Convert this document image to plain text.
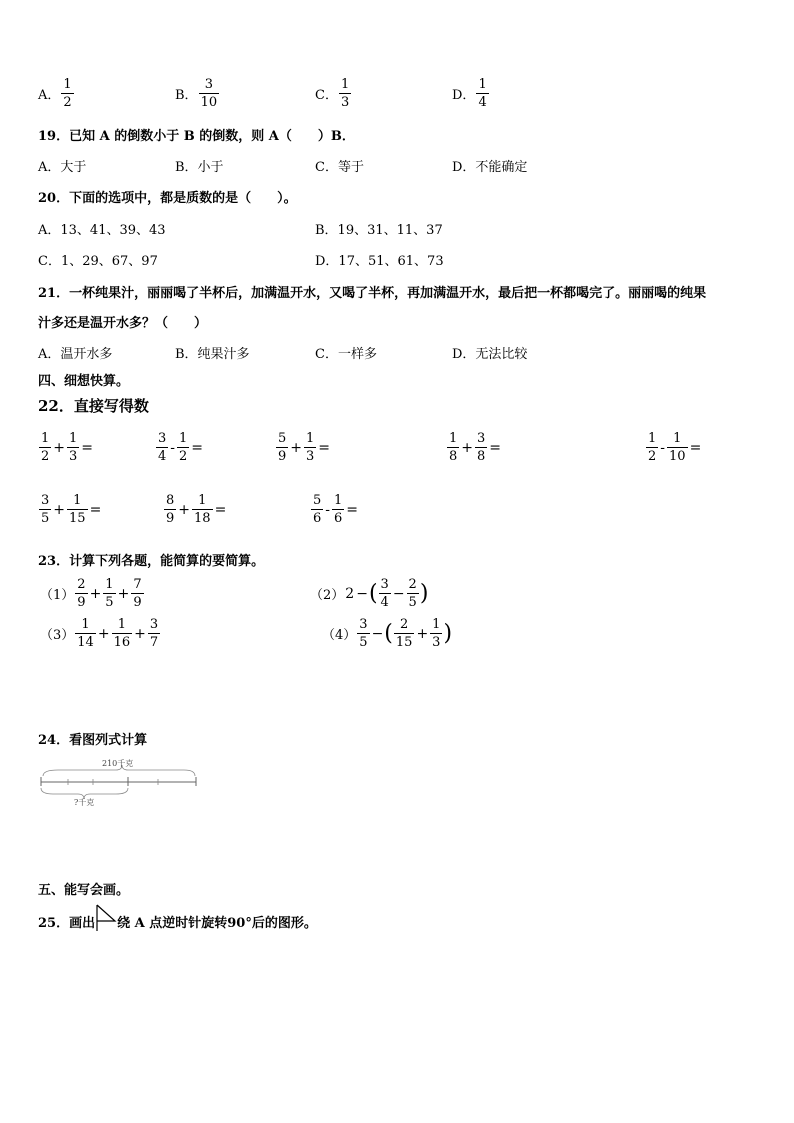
A． $\frac{1}{2}$	B． $\frac{3}{10}$	C． $\frac{1}{3}$	D． $\frac{1}{4}$
19．已知 A 的倒数小于 B 的倒数，则 A（　　）B．
A．大于	B．小于	C．等于	D．不能确定
20．下面的选项中，都是质数的是（　　）。
A．13、41、39、43	B．19、31、11、37
C．1、29、67、97	D．17、51、61、73
21．一杯纯果汁，丽丽喝了半杯后，加满温开水，又喝了半杯，再加满温开水，最后把一杯都喝完了。丽丽喝的纯果
汁多还是温开水多？（　　）
A．温开水多	B．纯果汁多	C．一样多	D．无法比较
四、细想快算。
22．直接写得数
$\frac{1}{2} + \frac{1}{3}$ =	$\frac{3}{4} - \frac{1}{2}$ =	$\frac{5}{9} + \frac{1}{3}$ =	$\frac{1}{8} + \frac{3}{8}$ =	$\frac{1}{2} - \frac{1}{10}$ =
$\frac{3}{5} + \frac{1}{15}$ =	$\frac{8}{9} + \frac{1}{18}$ =	$\frac{5}{6} - \frac{1}{6}$ =
23．计算下列各题，能简算的要简算。
$(1) \frac{2}{9} + \frac{1}{5} + \frac{7}{9}$	（2）2 −( $\frac{3}{4} - \frac{2}{5}$ )
$(3) \frac{1}{14} + \frac{1}{16} + \frac{3}{7}$	$(4) \frac{3}{5}$ −( $\frac{2}{15} + \frac{1}{3}$ )
24．看图列式计算
210千克
?千克
五、能写会画。
25．画出 绕 A 点逆时针旋转90°后的图形。
